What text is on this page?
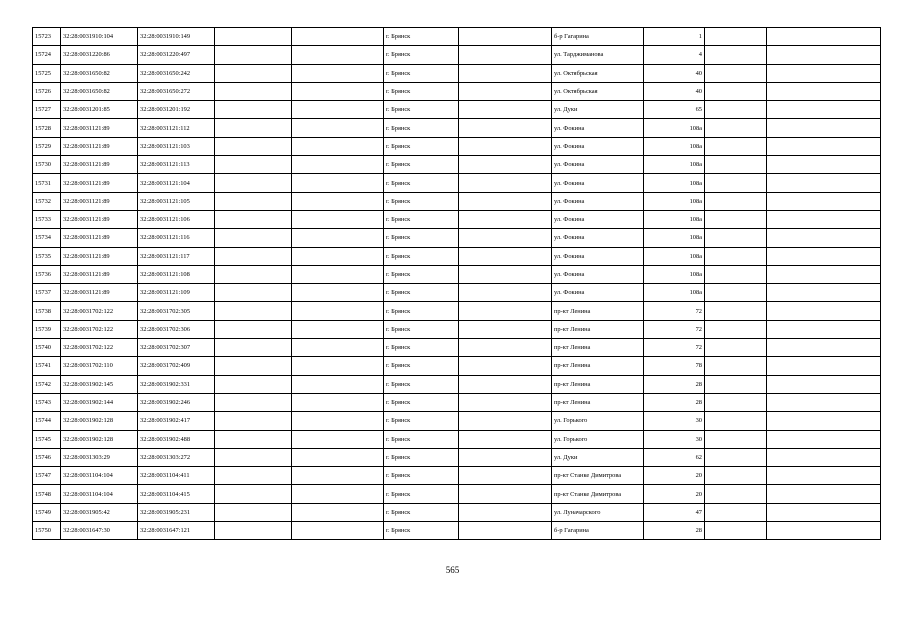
15723	32:28:0031910:104	32:28:0031910:149			г. Брянск		б-р Гагарина	1		
15724	32:28:0031220:86	32:28:0031220:497			г. Брянск		ул. Тарджимановa	4		
15725	32:28:0031650:82	32:28:0031650:242			г. Брянск		ул. Октябрьская	40		
15726	32:28:0031650:82	32:28:0031650:272			г. Брянск		ул. Октябрьская	40		
15727	32:28:0031201:85	32:28:0031201:192			г. Брянск		ул. Дуки	65		
15728	32:28:0031121:89	32:28:0031121:112			г. Брянск		ул. Фокина	108а		
15729	32:28:0031121:89	32:28:0031121:103			г. Брянск		ул. Фокина	108а		
15730	32:28:0031121:89	32:28:0031121:113			г. Брянск		ул. Фокина	108а		
15731	32:28:0031121:89	32:28:0031121:104			г. Брянск		ул. Фокина	108а		
15732	32:28:0031121:89	32:28:0031121:105			г. Брянск		ул. Фокина	108а		
15733	32:28:0031121:89	32:28:0031121:106			г. Брянск		ул. Фокина	108а		
15734	32:28:0031121:89	32:28:0031121:116			г. Брянск		ул. Фокина	108а		
15735	32:28:0031121:89	32:28:0031121:117			г. Брянск		ул. Фокина	108а		
15736	32:28:0031121:89	32:28:0031121:108			г. Брянск		ул. Фокина	108а		
15737	32:28:0031121:89	32:28:0031121:109			г. Брянск		ул. Фокина	108а		
15738	32:28:0031702:122	32:28:0031702:305			г. Брянск		пр-кт Ленина	72		
15739	32:28:0031702:122	32:28:0031702:306			г. Брянск		пр-кт Ленина	72		
15740	32:28:0031702:122	32:28:0031702:307			г. Брянск		пр-кт Ленина	72		
15741	32:28:0031702:110	32:28:0031702:409			г. Брянск		пр-кт Ленина	78		
15742	32:28:0031902:145	32:28:0031902:331			г. Брянск		пр-кт Ленина	28		
15743	32:28:0031902:144	32:28:0031902:246			г. Брянск		пр-кт Ленина	28		
15744	32:28:0031902:128	32:28:0031902:417			г. Брянск		ул. Горького	30		
15745	32:28:0031902:128	32:28:0031902:488			г. Брянск		ул. Горького	30		
15746	32:28:0031303:29	32:28:0031303:272			г. Брянск		ул. Дуки	62		
15747	32:28:0031104:104	32:28:0031104:411			г. Брянск		пр-кт Станке Димитрова	20		
15748	32:28:0031104:104	32:28:0031104:415			г. Брянск		пр-кт Станке Димитрова	20		
15749	32:28:0031905:42	32:28:0031905:231			г. Брянск		ул. Луначарского	47		
15750	32:28:0031647:30	32:28:0031647:121			г. Брянск		б-р Гагарина	28		
565
